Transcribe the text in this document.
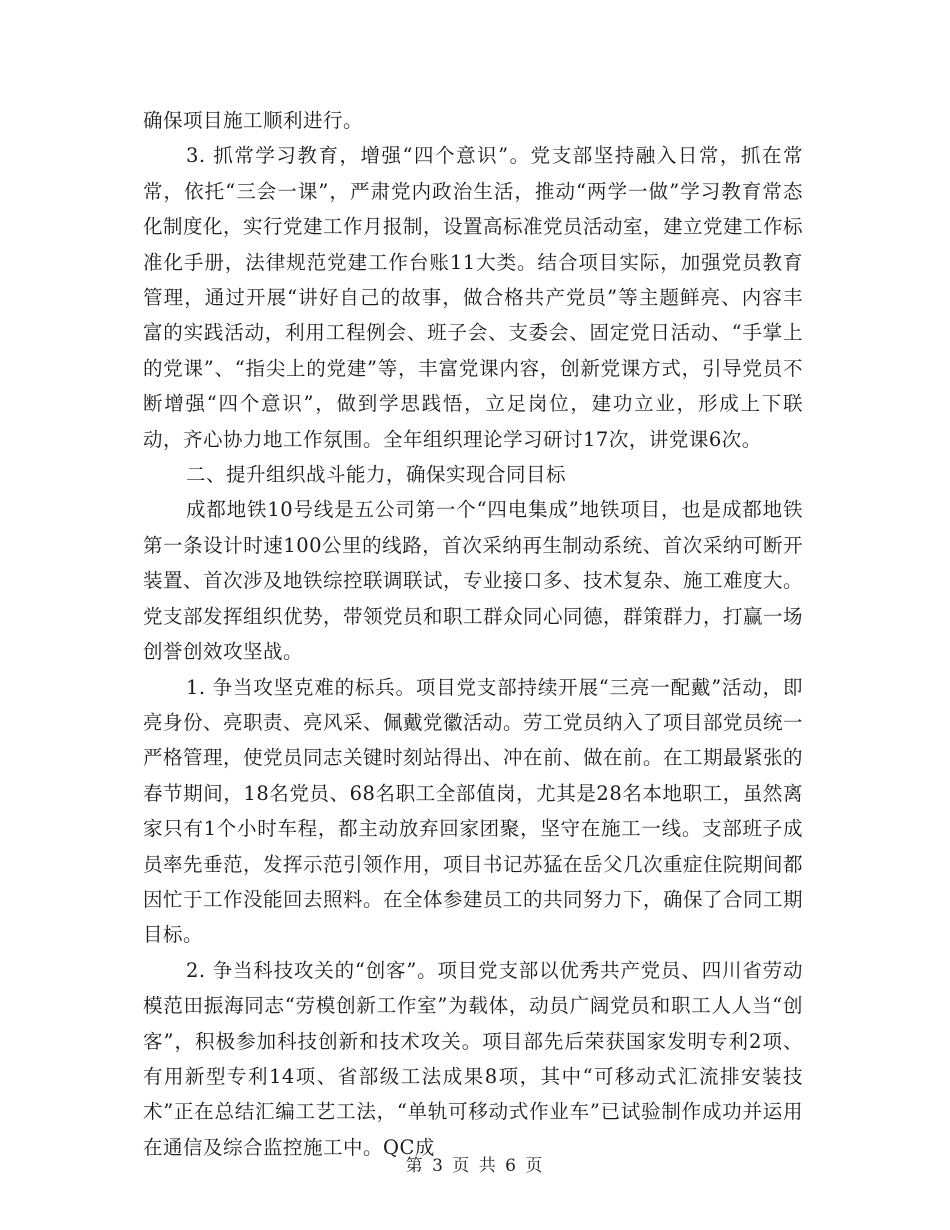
确保项目施工顺利进行。

3. 抓常学习教育，增强“四个意识”。党支部坚持融入日常，抓在常常，依托“三会一课”，严肃党内政治生活，推动“两学一做”学习教育常态化制度化，实行党建工作月报制，设置高标准党员活动室，建立党建工作标准化手册，法律规范党建工作台账11大类。结合项目实际，加强党员教育管理，通过开展“讲好自己的故事，做合格共产党员”等主题鲜亮、内容丰富的实践活动，利用工程例会、班子会、支委会、固定党日活动、“手掌上的党课”、“指尖上的党建”等，丰富党课内容，创新党课方式，引导党员不断增强“四个意识”，做到学思践悟，立足岗位，建功立业，形成上下联动，齐心协力地工作氛围。全年组织理论学习研讨17次，讲党课6次。

二、提升组织战斗能力，确保实现合同目标

成都地铁10号线是五公司第一个“四电集成”地铁项目，也是成都地铁第一条设计时速100公里的线路，首次采纳再生制动系统、首次采纳可断开装置、首次涉及地铁综控联调联试，专业接口多、技术复杂、施工难度大。党支部发挥组织优势，带领党员和职工群众同心同德，群策群力，打赢一场创誉创效攻坚战。

1. 争当攻坚克难的标兵。项目党支部持续开展“三亮一配戴”活动，即亮身份、亮职责、亮风采、佩戴党徽活动。劳工党员纳入了项目部党员统一严格管理，使党员同志关键时刻站得出、冲在前、做在前。在工期最紧张的春节期间，18名党员、68名职工全部值岗，尤其是28名本地职工，虽然离家只有1个小时车程，都主动放弃回家团聚，坚守在施工一线。支部班子成员率先垂范，发挥示范引领作用，项目书记苏猛在岳父几次重症住院期间都因忙于工作没能回去照料。在全体参建员工的共同努力下，确保了合同工期目标。

2. 争当科技攻关的“创客”。项目党支部以优秀共产党员、四川省劳动模范田振海同志“劳模创新工作室”为载体，动员广阔党员和职工人人当“创客”，积极参加科技创新和技术攻关。项目部先后荣获国家发明专利2项、有用新型专利14项、省部级工法成果8项，其中“可移动式汇流排安装技术”正在总结汇编工艺工法，“单轨可移动式作业车”已试验制作成功并运用在通信及综合监控施工中。QC成

第 3 页 共 6 页
